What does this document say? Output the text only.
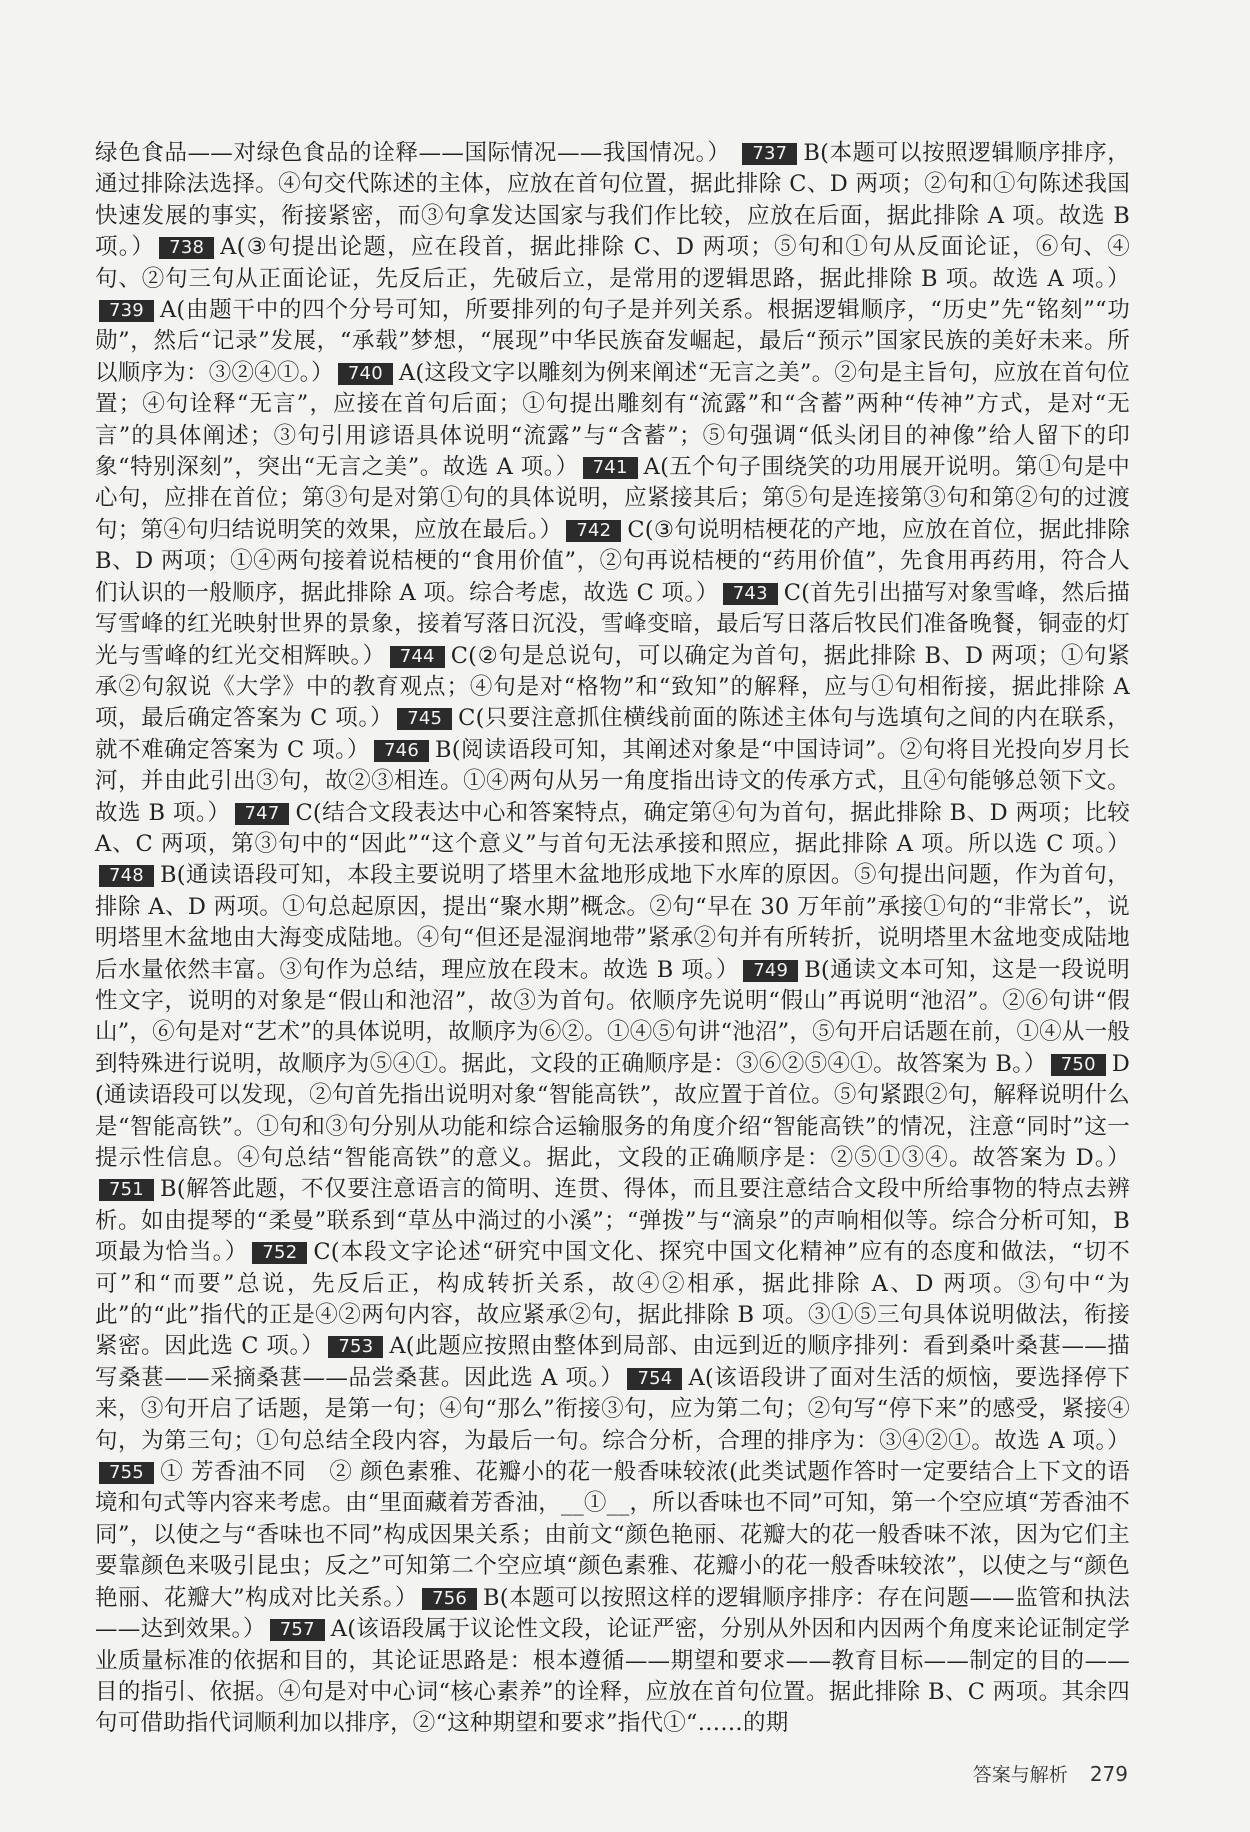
绿色食品——对绿色食品的诠释——国际情况——我国情况。） 737 B(本题可以按照逻辑顺序排序，通过排除法选择。④句交代陈述的主体，应放在首句位置，据此排除 C、D 两项；②句和①句陈述我国快速发展的事实，衔接紧密，而③句拿发达国家与我们作比较，应放在后面，据此排除 A 项。故选 B 项。） 738 A(③句提出论题，应在段首，据此排除 C、D 两项；⑤句和①句从反面论证，⑥句、④句、②句三句从正面论证，先反后正，先破后立，是常用的逻辑思路，据此排除 B 项。故选 A 项。）739 A(由题干中的四个分号可知，所要排列的句子是并列关系。根据逻辑顺序，“历史”先“铭刻”“功勋”，然后“记录”发展，“承载”梦想，“展现”中华民族奋发崛起，最后“预示”国家民族的美好未来。所以顺序为：③②④①。） 740 A(这段文字以雕刻为例来阐述“无言之美”。②句是主旨句，应放在首句位置；④句诠释“无言”，应接在首句后面；①句提出雕刻有“流露”和“含蓄”两种“传神”方式，是对“无言”的具体阐述；③句引用谚语具体说明“流露”与“含蓄”；⑤句强调“低头闭目的神像”给人留下的印象“特别深刻”，突出“无言之美”。故选 A 项。） 741 A(五个句子围绕笑的功用展开说明。第①句是中心句，应排在首位；第③句是对第①句的具体说明，应紧接其后；第⑤句是连接第③句和第②句的过渡句；第④句归结说明笑的效果，应放在最后。） 742 C(③句说明桔梗花的产地，应放在首位，据此排除 B、D 两项；①④两句接着说桔梗的“食用价值”，②句再说桔梗的“药用价值”，先食用再药用，符合人们认识的一般顺序，据此排除 A 项。综合考虑，故选 C 项。） 743 C(首先引出描写对象雪峰，然后描写雪峰的红光映射世界的景象，接着写落日沉没，雪峰变暗，最后写日落后牧民们准备晚餐，铜壶的灯光与雪峰的红光交相辉映。） 744 C(②句是总说句，可以确定为首句，据此排除 B、D 两项；①句紧承②句叙说《大学》中的教育观点；④句是对“格物”和“致知”的解释，应与①句相衔接，据此排除 A 项，最后确定答案为 C 项。） 745 C(只要注意抓住横线前面的陈述主体句与选填句之间的内在联系，就不难确定答案为 C 项。） 746 B(阅读语段可知，其阐述对象是“中国诗词”。②句将目光投向岁月长河，并由此引出③句，故②③相连。①④两句从另一角度指出诗文的传承方式，且④句能够总领下文。故选 B 项。） 747 C(结合文段表达中心和答案特点，确定第④句为首句，据此排除 B、D 两项；比较 A、C 两项，第③句中的“因此”“这个意义”与首句无法承接和照应，据此排除 A 项。所以选 C 项。）748 B(通读语段可知，本段主要说明了塔里木盆地形成地下水库的原因。⑤句提出问题，作为首句，排除 A、D 两项。①句总起原因，提出“聚水期”概念。②句“早在 30 万年前”承接①句的“非常长”，说明塔里木盆地由大海变成陆地。④句“但还是湿润地带”紧承②句并有所转折，说明塔里木盆地变成陆地后水量依然丰富。③句作为总结，理应放在段末。故选 B 项。） 749 B(通读文本可知，这是一段说明性文字，说明的对象是“假山和池沼”，故③为首句。依顺序先说明“假山”再说明“池沼”。②⑥句讲“假山”，⑥句是对“艺术”的具体说明，故顺序为⑥②。①④⑤句讲“池沼”，⑤句开启话题在前，①④从一般到特殊进行说明，故顺序为⑤④①。据此，文段的正确顺序是：③⑥②⑤④①。故答案为 B。） 750 D(通读语段可以发现，②句首先指出说明对象“智能高铁”，故应置于首位。⑤句紧跟②句，解释说明什么是“智能高铁”。①句和③句分别从功能和综合运输服务的角度介绍“智能高铁”的情况，注意“同时”这一提示性信息。④句总结“智能高铁”的意义。据此，文段的正确顺序是：②⑤①③④。故答案为 D。）751 B(解答此题，不仅要注意语言的简明、连贯、得体，而且要注意结合文段中所给事物的特点去辨析。如由提琴的“柔曼”联系到“草丛中淌过的小溪”；“弹拨”与“滴泉”的声响相似等。综合分析可知，B 项最为恰当。） 752 C(本段文字论述“研究中国文化、探究中国文化精神”应有的态度和做法，“切不可”和“而要”总说，先反后正，构成转折关系，故④②相承，据此排除 A、D 两项。③句中“为此”的“此”指代的正是④②两句内容，故应紧承②句，据此排除 B 项。③①⑤三句具体说明做法，衔接紧密。因此选 C 项。） 753 A(此题应按照由整体到局部、由远到近的顺序排列：看到桑叶桑葚——描写桑葚——采摘桑葚——品尝桑葚。因此选 A 项。） 754 A(该语段讲了面对生活的烦恼，要选择停下来，③句开启了话题，是第一句；④句“那么”衔接③句，应为第二句；②句写“停下来”的感受，紧接④句，为第三句；①句总结全段内容，为最后一句。综合分析，合理的排序为：③④②①。故选 A 项。）755 ① 芳香油不同　② 颜色素雅、花瓣小的花一般香味较浓(此类试题作答时一定要结合上下文的语境和句式等内容来考虑。由“里面藏着芳香油，__①__，所以香味也不同”可知，第一个空应填“芳香油不同”，以使之与“香味也不同”构成因果关系；由前文“颜色艳丽、花瓣大的花一般香味不浓，因为它们主要靠颜色来吸引昆虫；反之”可知第二个空应填“颜色素雅、花瓣小的花一般香味较浓”，以使之与“颜色艳丽、花瓣大”构成对比关系。） 756 B(本题可以按照这样的逻辑顺序排序：存在问题——监管和执法——达到效果。） 757 A(该语段属于议论性文段，论证严密，分别从外因和内因两个角度来论证制定学业质量标准的依据和目的，其论证思路是：根本遵循——期望和要求——教育目标——制定的目的——目的指引、依据。④句是对中心词“核心素养”的诠释，应放在首句位置。据此排除 B、C 两项。其余四句可借助指代词顺利加以排序，②“这种期望和要求”指代①“……的期
答案与解析 279
